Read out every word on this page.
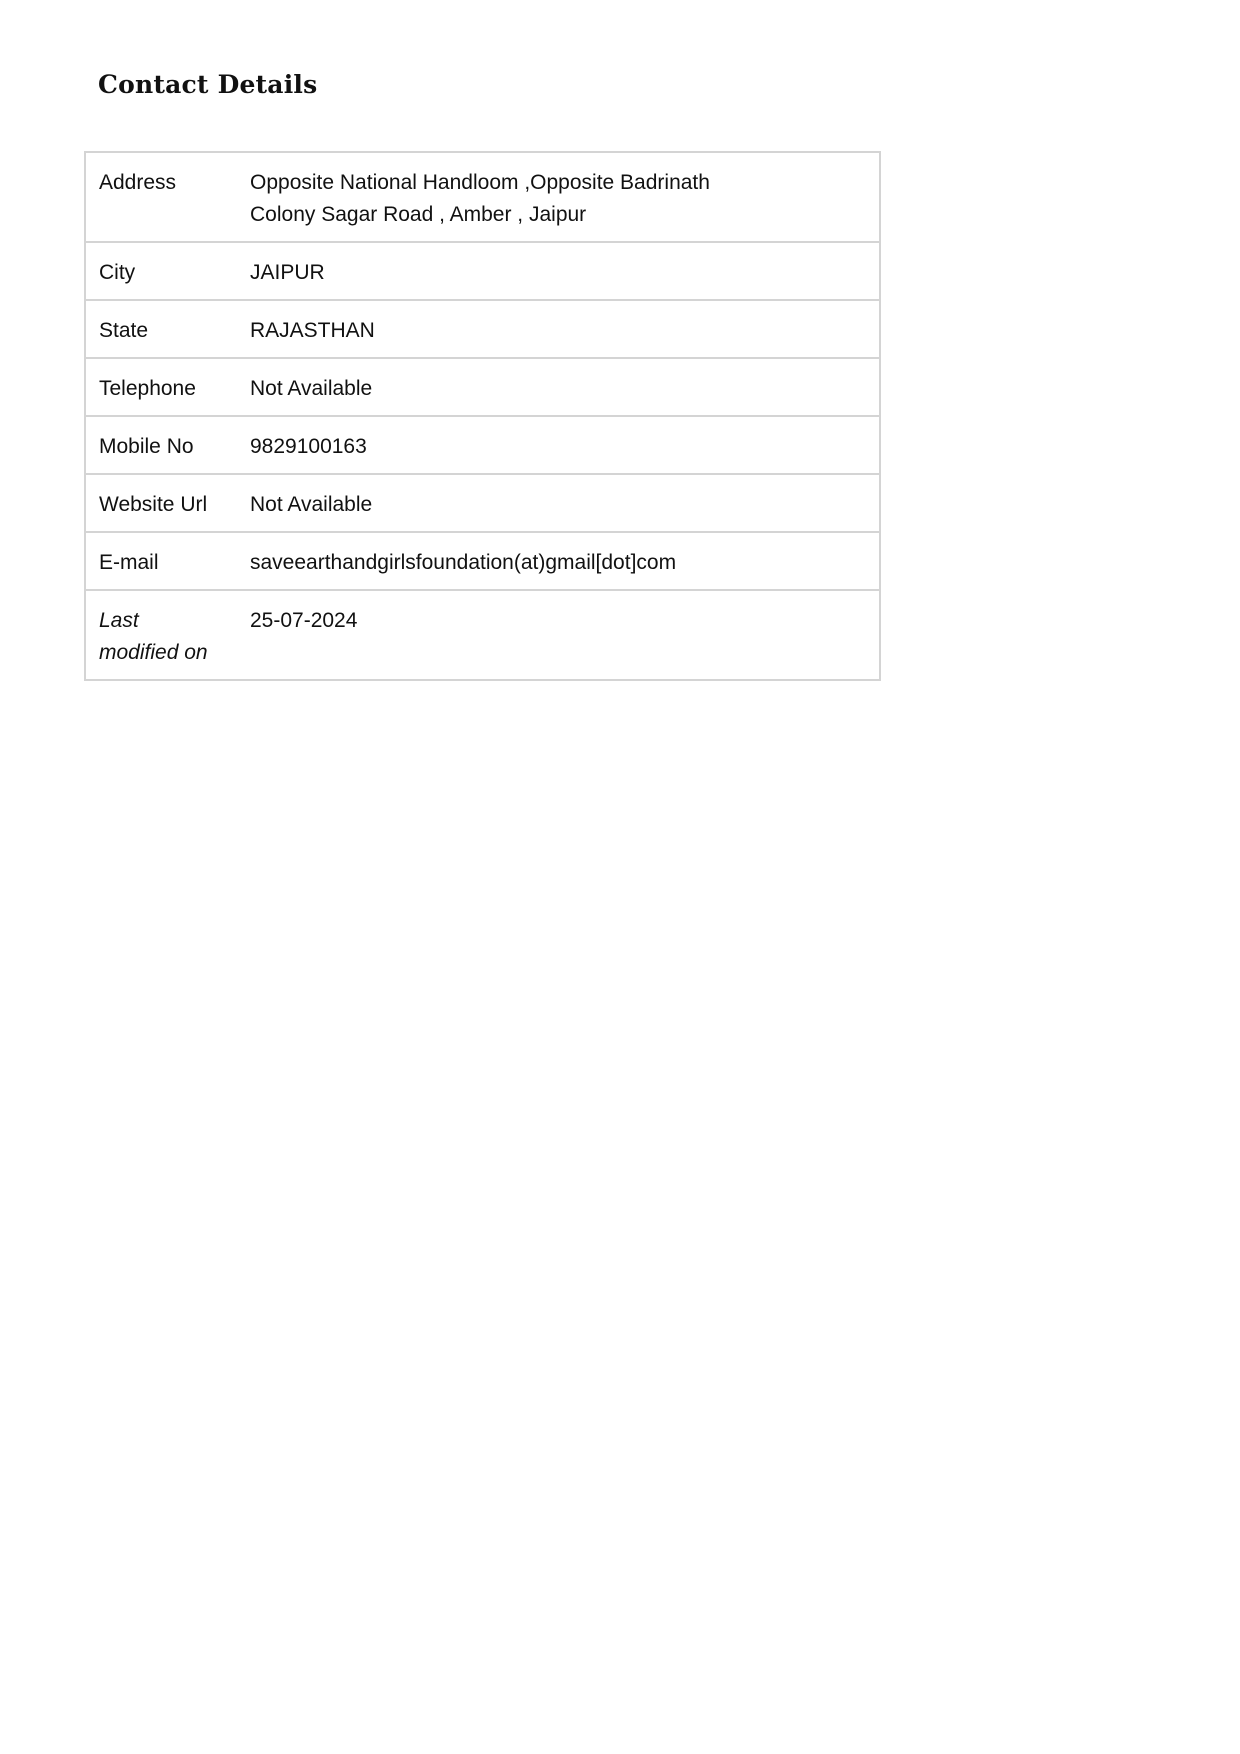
Contact Details
Address	Opposite National Handloom ,Opposite Badrinath Colony Sagar Road , Amber , Jaipur

City	JAIPUR
State	RAJASTHAN
Telephone	Not Available
Mobile No	9829100163
Website Url	Not Available
E-mail	saveearthandgirlsfoundation(at)gmail[dot]com

Last modified on	25-07-2024
